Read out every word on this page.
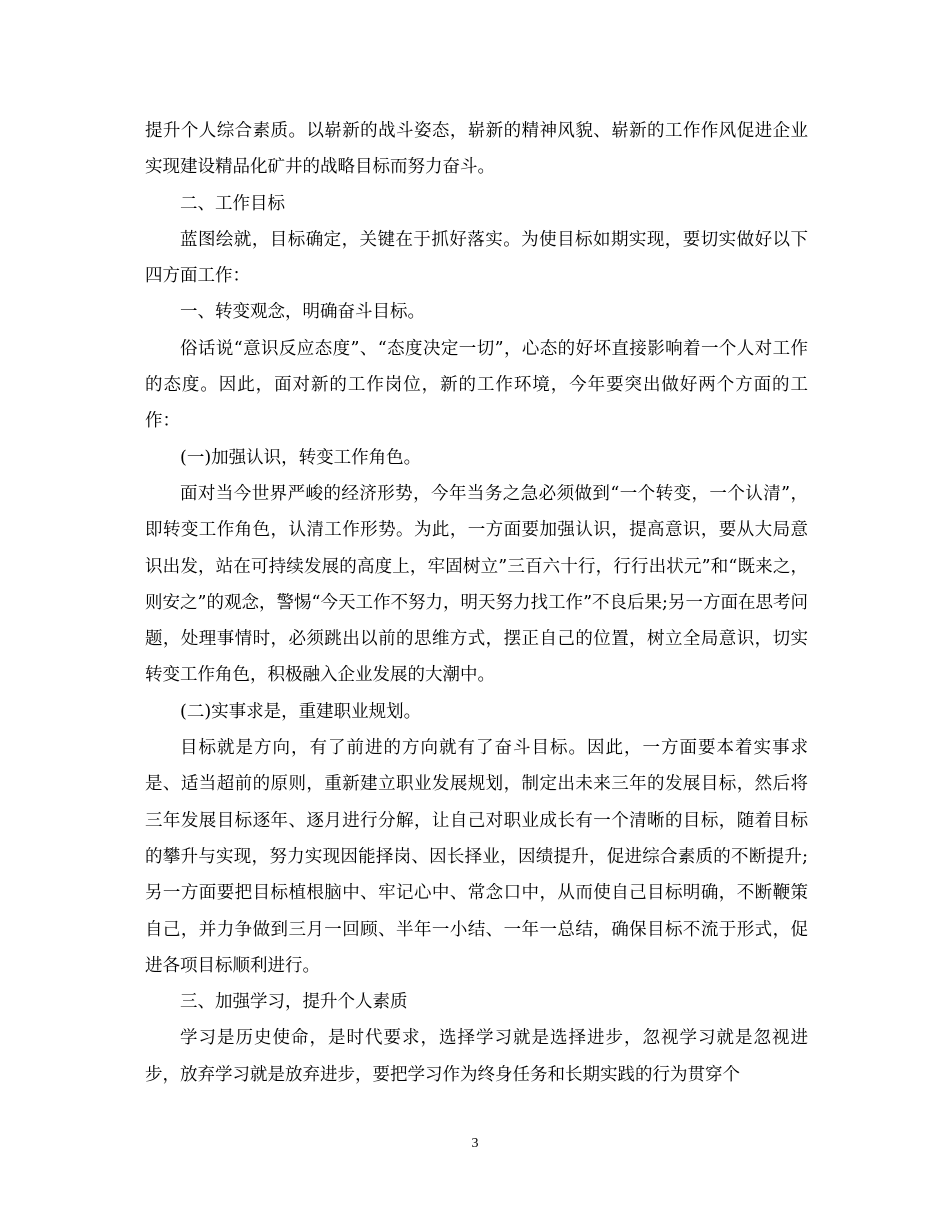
提升个人综合素质。以崭新的战斗姿态，崭新的精神风貌、崭新的工作作风促进企业实现建设精品化矿井的战略目标而努力奋斗。

二、工作目标

蓝图绘就，目标确定，关键在于抓好落实。为使目标如期实现，要切实做好以下四方面工作：

一、转变观念，明确奋斗目标。

俗话说“意识反应态度”、“态度决定一切”，心态的好坏直接影响着一个人对工作的态度。因此，面对新的工作岗位，新的工作环境，今年要突出做好两个方面的工作：

(一)加强认识，转变工作角色。

面对当今世界严峻的经济形势，今年当务之急必须做到“一个转变，一个认清”，即转变工作角色，认清工作形势。为此，一方面要加强认识，提高意识，要从大局意识出发，站在可持续发展的高度上，牢固树立”三百六十行，行行出状元”和“既来之，则安之”的观念，警惕“今天工作不努力，明天努力找工作”不良后果;另一方面在思考问题，处理事情时，必须跳出以前的思维方式，摆正自己的位置，树立全局意识，切实转变工作角色，积极融入企业发展的大潮中。

(二)实事求是，重建职业规划。

目标就是方向，有了前进的方向就有了奋斗目标。因此，一方面要本着实事求是、适当超前的原则，重新建立职业发展规划，制定出未来三年的发展目标，然后将三年发展目标逐年、逐月进行分解，让自己对职业成长有一个清晰的目标，随着目标的攀升与实现，努力实现因能择岗、因长择业，因绩提升，促进综合素质的不断提升;另一方面要把目标植根脑中、牢记心中、常念口中，从而使自己目标明确，不断鞭策自己，并力争做到三月一回顾、半年一小结、一年一总结，确保目标不流于形式，促进各项目标顺利进行。

三、加强学习，提升个人素质

学习是历史使命，是时代要求，选择学习就是选择进步，忽视学习就是忽视进步，放弃学习就是放弃进步，要把学习作为终身任务和长期实践的行为贯穿个

3
